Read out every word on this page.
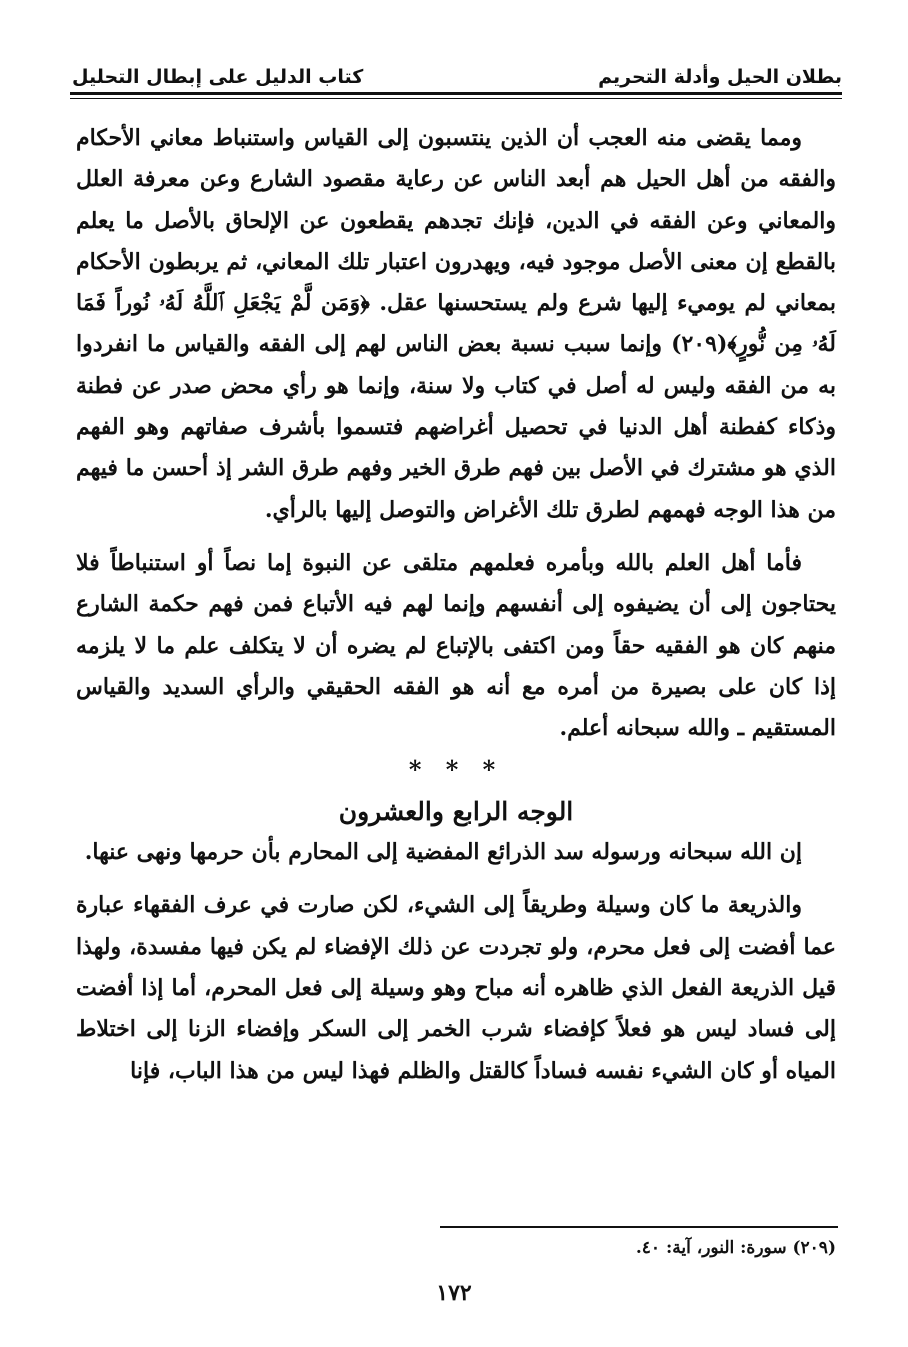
بطلان الحيل وأدلة التحريم
كتاب الدليل على إبطال التحليل

ومما يقضى منه العجب أن الذين ينتسبون إلى القياس واستنباط معاني الأحكام والفقه من أهل الحيل هم أبعد الناس عن رعاية مقصود الشارع وعن معرفة العلل والمعاني وعن الفقه في الدين، فإنك تجدهم يقطعون عن الإلحاق بالأصل ما يعلم بالقطع إن معنى الأصل موجود فيه، ويهدرون اعتبار تلك المعاني، ثم يربطون الأحكام بمعاني لم يوميء إليها شرع ولم يستحسنها عقل. ﴿وَمَن لَّمْ يَجْعَلِ ٱللَّهُ لَهُۥ نُوراً فَمَا لَهُۥ مِن نُّورٍ﴾(٢٠٩) وإنما سبب نسبة بعض الناس لهم إلى الفقه والقياس ما انفردوا به من الفقه وليس له أصل في كتاب ولا سنة، وإنما هو رأي محض صدر عن فطنة وذكاء كفطنة أهل الدنيا في تحصيل أغراضهم فتسموا بأشرف صفاتهم وهو الفهم الذي هو مشترك في الأصل بين فهم طرق الخير وفهم طرق الشر إذ أحسن ما فيهم من هذا الوجه فهمهم لطرق تلك الأغراض والتوصل إليها بالرأي.

فأما أهل العلم بالله وبأمره فعلمهم متلقى عن النبوة إما نصاً أو استنباطاً فلا يحتاجون إلى أن يضيفوه إلى أنفسهم وإنما لهم فيه الأتباع فمن فهم حكمة الشارع منهم كان هو الفقيه حقاً ومن اكتفى بالإتباع لم يضره أن لا يتكلف علم ما لا يلزمه إذا كان على بصيرة من أمره مع أنه هو الفقه الحقيقي والرأي السديد والقياس المستقيم ـ والله سبحانه أعلم.

* * *

الوجه الرابع والعشرون

إن الله سبحانه ورسوله سد الذرائع المفضية إلى المحارم بأن حرمها ونهى عنها.

والذريعة ما كان وسيلة وطريقاً إلى الشيء، لكن صارت في عرف الفقهاء عبارة عما أفضت إلى فعل محرم، ولو تجردت عن ذلك الإفضاء لم يكن فيها مفسدة، ولهذا قيل الذريعة الفعل الذي ظاهره أنه مباح وهو وسيلة إلى فعل المحرم، أما إذا أفضت إلى فساد ليس هو فعلاً كإفضاء شرب الخمر إلى السكر وإفضاء الزنا إلى اختلاط المياه أو كان الشيء نفسه فساداً كالقتل والظلم فهذا ليس من هذا الباب، فإنا

(٢٠٩) سورة: النور، آية: ٤٠.
١٧٢
